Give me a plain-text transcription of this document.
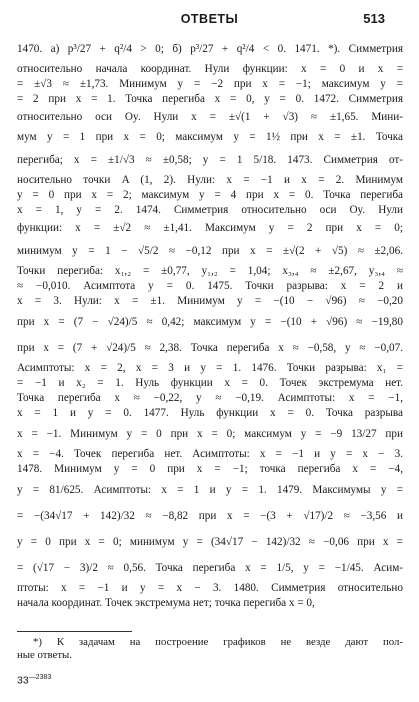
ОТВЕТЫ	513
1470. а) p³/27 + q²/4 > 0; б) p³/27 + q²/4 < 0. 1471. *). Симметрия
относительно начала координат. Нули функции: x = 0 и x =
= ±√3 ≈ ±1,73. Минимум y = −2 при x = −1; максимум y =
= 2 при x = 1. Точка перегиба x = 0, y = 0. 1472. Симметрия
относительно оси Oy. Нули x = ±√(1 + √3) ≈ ±1,65. Мини-
мум y = 1 при x = 0; максимум y = 1½ при x = ±1. Точка
перегиба; x = ±1/√3 ≈ ±0,58; y = 1 5/18. 1473. Симметрия от-
носительно точки A (1, 2). Нули: x = −1 и x = 2. Минимум
y = 0 при x = 2; максимум y = 4 при x = 0. Точка перегиба
x = 1, y = 2. 1474. Симметрия относительно оси Oy. Нули
функции: x = ±√2 ≈ ±1,41. Максимум y = 2 при x = 0;
минимум y = 1 − √5/2 ≈ −0,12 при x = ±√(2 + √5) ≈ ±2,06.
Точки перегиба: x₁,₂ = ±0,77, y₁,₂ = 1,04; x₃,₄ ≈ ±2,67, y₃,₄ ≈
≈ −0,010. Асимптота y = 0. 1475. Точки разрыва: x = 2 и
x = 3. Нули: x = ±1. Минимум y = −(10 − √96) ≈ −0,20
при x = (7 − √24)/5 ≈ 0,42; максимум y = −(10 + √96) ≈ −19,80
при x = (7 + √24)/5 ≈ 2,38. Точка перегиба x ≈ −0,58, y ≈ −0,07.
Асимптоты: x = 2, x = 3 и y = 1. 1476. Точки разрыва: x₁ =
= −1 и x₂ = 1. Нуль функции x = 0. Точек экстремума нет.
Точка перегиба x ≈ −0,22, y ≈ −0,19. Асимптоты: x = −1,
x = 1 и y = 0. 1477. Нуль функции x = 0. Точка разрыва
x = −1. Минимум y = 0 при x = 0; максимум y = −9 13/27 при
x = −4. Точек перегиба нет. Асимптоты: x = −1 и y = x − 3.
1478. Минимум y = 0 при x = −1; точка перегиба x = −4,
y = 81/625. Асимптоты: x = 1 и y = 1. 1479. Максимумы y =
= −(34√17 + 142)/32 ≈ −8,82 при x = −(3 + √17)/2 ≈ −3,56 и
y = 0 при x = 0; минимум y = (34√17 − 142)/32 ≈ −0,06 при x =
= (√17 − 3)/2 ≈ 0,56. Точка перегиба x = 1/5, y = −1/45. Асим-
птоты: x = −1 и y = x − 3. 1480. Симметрия относительно
начала координат. Точек экстремума нет; точка перегиба x = 0,
*) К задачам на построение графиков не везде дают пол-
ные ответы.
$33^{—2383}$
